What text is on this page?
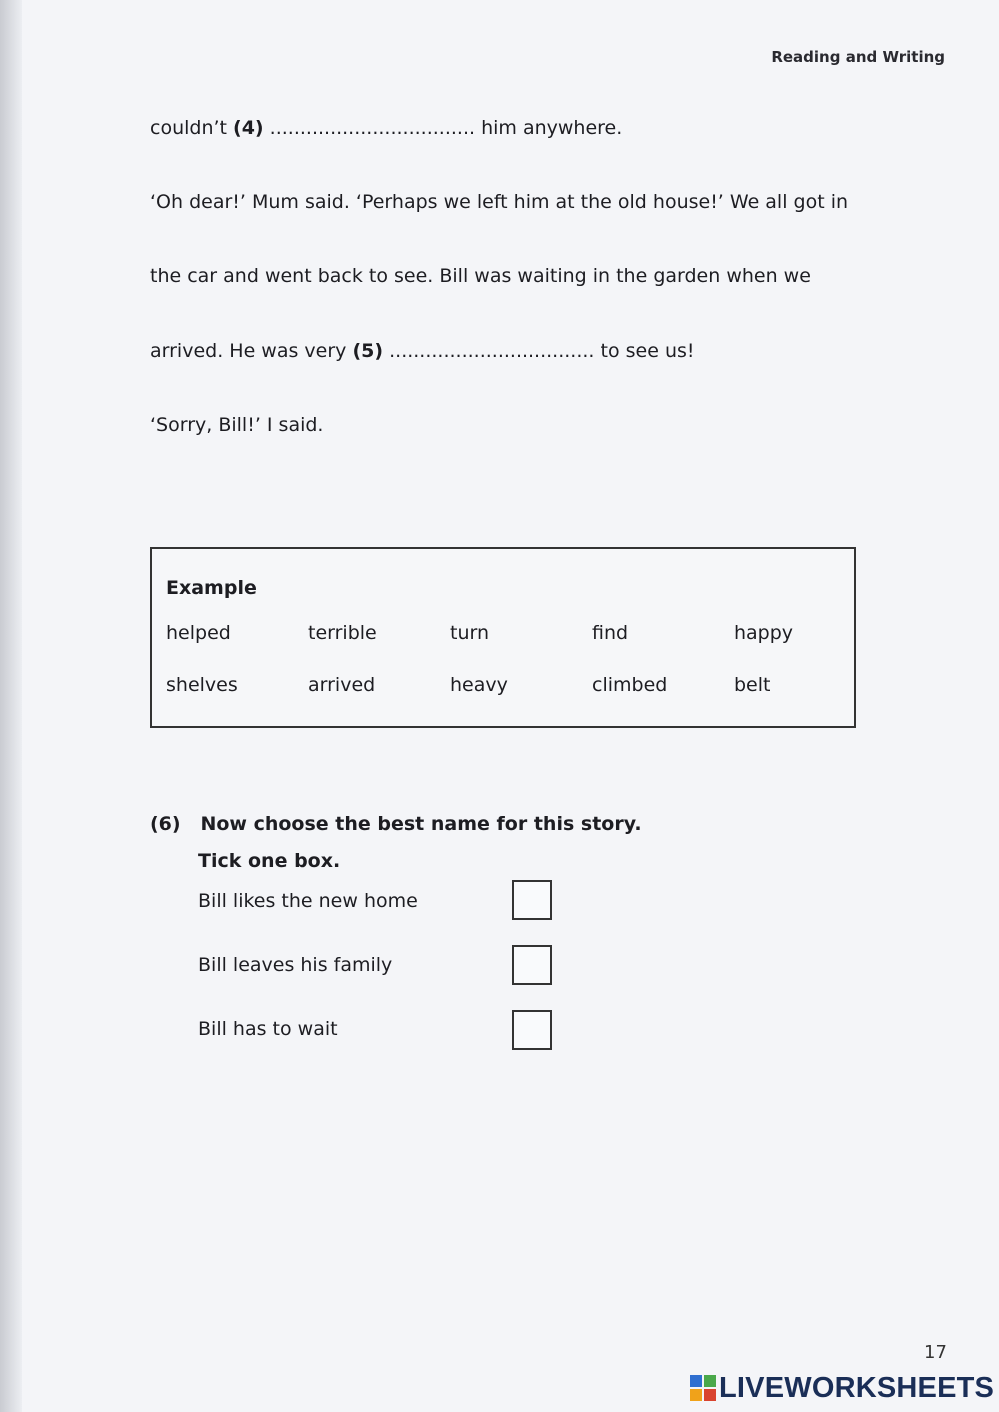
Reading and Writing
couldn’t (4) .................................. him anywhere.
‘Oh dear!’ Mum said. ‘Perhaps we left him at the old house!’ We all got in
the car and went back to see. Bill was waiting in the garden when we
arrived. He was very (5) .................................. to see us!
‘Sorry, Bill!’ I said.
Example
helped	terrible	turn	find	happy
shelves	arrived	heavy	climbed	belt
(6) Now choose the best name for this story.
Tick one box.
Bill likes the new home
Bill leaves his family
Bill has to wait
17
LIVEWORKSHEETS
